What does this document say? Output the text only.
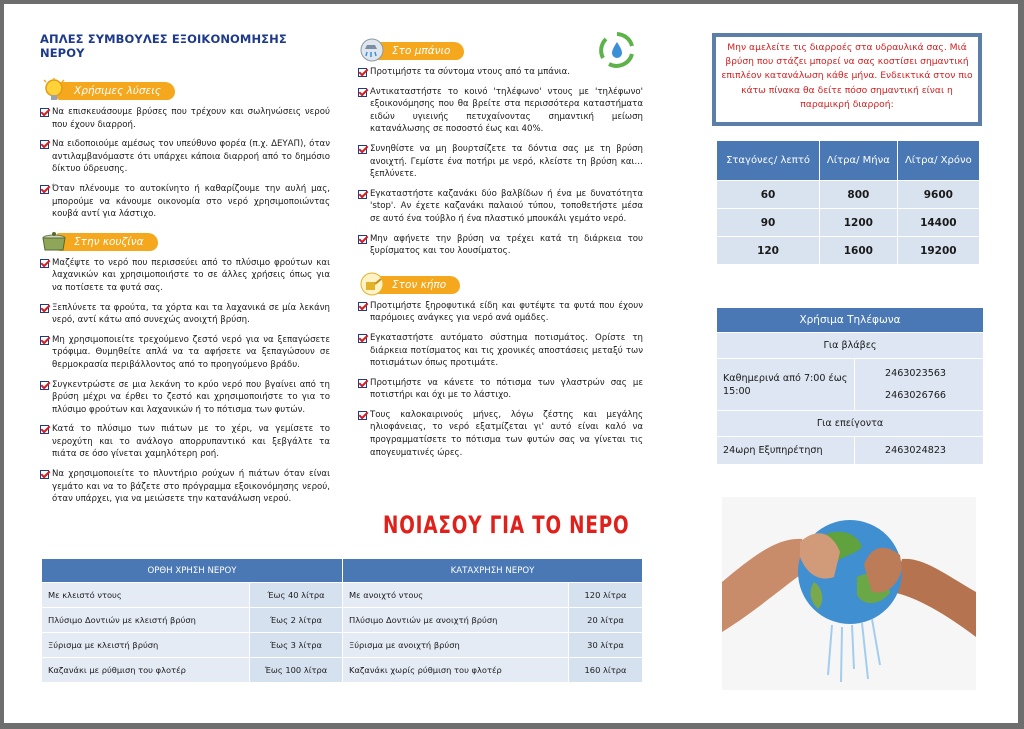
ΑΠΛΕΣ ΣΥΜΒΟΥΛΕΣ ΕΞΟΙΚΟΝΟΜΗΣΗΣ ΝΕΡΟΥ
Χρήσιμες λύσεις
Να επισκευάσουμε βρύσες που τρέχουν και σωληνώσεις νερού που έχουν διαρροή.
Να ειδοποιούμε αμέσως τον υπεύθυνο φορέα (π.χ. ΔΕΥΑΠ), όταν αντιλαμβανόμαστε ότι υπάρχει κάποια διαρροή από το δημόσιο δίκτυο ύδρευσης.
Όταν πλένουμε το αυτοκίνητο ή καθαρίζουμε την αυλή μας, μπορούμε να κάνουμε οικονομία στο νερό χρησιμοποιώντας κουβά αντί για λάστιχο.
Στην κουζίνα
Μαζέψτε το νερό που περισσεύει από το πλύσιμο φρούτων και λαχανικών και χρησιμοποιήστε το σε άλλες χρήσεις όπως για να ποτίσετε τα φυτά σας.
Ξεπλύνετε τα φρούτα, τα χόρτα και τα λαχανικά σε μία λεκάνη νερό, αντί κάτω από συνεχώς ανοιχτή βρύση.
Μη χρησιμοποιείτε τρεχούμενο ζεστό νερό για να ξεπαγώσετε τρόφιμα. Θυμηθείτε απλά να τα αφήσετε να ξεπαγώσουν σε θερμοκρασία περιβάλλοντος από το προηγούμενο βράδυ.
Συγκεντρώστε σε μια λεκάνη το κρύο νερό που βγαίνει από τη βρύση μέχρι να έρθει το ζεστό και χρησιμοποιήστε το για το πλύσιμο φρούτων και λαχανικών ή το πότισμα των φυτών.
Κατά το πλύσιμο των πιάτων με το χέρι, να γεμίσετε το νεροχύτη και το ανάλογο απορρυπαντικό και ξεβγάλτε τα πιάτα σε όσο γίνεται χαμηλότερη ροή.
Να χρησιμοποιείτε το πλυντήριο ρούχων ή πιάτων όταν είναι γεμάτο και να το βάζετε στο πρόγραμμα εξοικονόμησης νερού, όταν υπάρχει, για να μειώσετε την κατανάλωση νερού.
Στο μπάνιο
Προτιμήστε τα σύντομα ντους από τα μπάνια.
Αντικαταστήστε το κοινό 'τηλέφωνο' ντους με 'τηλέφωνο' εξοικονόμησης που θα βρείτε στα περισσότερα καταστήματα ειδών υγιεινής πετυχαίνοντας σημαντική μείωση κατανάλωσης σε ποσοστό έως και 40%.
Συνηθίστε να μη βουρτσίζετε τα δόντια σας με τη βρύση ανοιχτή. Γεμίστε ένα ποτήρι με νερό, κλείστε τη βρύση και… ξεπλύνετε.
Εγκαταστήστε καζανάκι δύο βαλβίδων ή ένα με δυνατότητα 'stop'. Αν έχετε καζανάκι παλαιού τύπου, τοποθετήστε μέσα σε αυτό ένα τούβλο ή ένα πλαστικό μπουκάλι γεμάτο νερό.
Μην αφήνετε την βρύση να τρέχει κατά τη διάρκεια του ξυρίσματος και του λουσίματος.
Στον κήπο
Προτιμήστε ξηροφυτικά είδη και φυτέψτε τα φυτά που έχουν παρόμοιες ανάγκες για νερό ανά ομάδες.
Εγκαταστήστε αυτόματο σύστημα ποτισμάτος. Ορίστε τη διάρκεια ποτίσματος και τις χρονικές αποστάσεις μεταξύ των ποτισμάτων όπως προτιμάτε.
Προτιμήστε να κάνετε το πότισμα των γλαστρών σας με ποτιστήρι και όχι με το λάστιχο.
Τους καλοκαιρινούς μήνες, λόγω ζέστης και μεγάλης ηλιοφάνειας, το νερό εξατμίζεται γι' αυτό είναι καλό να προγραμματίσετε το πότισμα των φυτών σας να γίνεται τις απογευματινές ώρες.
ΝΟΙΑΣΟΥ ΓΙΑ ΤΟ ΝΕΡΟ
ΟΡΘΗ ΧΡΗΣΗ ΝΕΡΟΥ		ΚΑΤΑΧΡΗΣΗ ΝΕΡΟΥ	
Με κλειστό ντους	Έως 40 λίτρα	Με ανοιχτό ντους	120 λίτρα
Πλύσιμο Δοντιών με κλειστή βρύση	Έως 2 λίτρα	Πλύσιμο Δοντιών με ανοιχτή βρύση	20 λίτρα
Ξύρισμα με κλειστή βρύση	Έως 3 λίτρα	Ξύρισμα με ανοιχτή βρύση	30 λίτρα
Καζανάκι με ρύθμιση του φλοτέρ	Έως 100 λίτρα	Καζανάκι χωρίς ρύθμιση του φλοτέρ	160 λίτρα
Μην αμελείτε τις διαρροές στα υδραυλικά σας. Μιά βρύση που στάζει μπορεί να σας κοστίσει σημαντική επιπλέον κατανάλωση κάθε μήνα. Ενδεικτικά στον πιο κάτω πίνακα θα δείτε πόσο σημαντική είναι η παραμικρή διαρροή:
Σταγόνες/ λεπτό	Λίτρα/ Μήνα	Λίτρα/ Χρόνο
60	800	9600
90	1200	14400
120	1600	19200
Χρήσιμα Τηλέφωνα	
Για βλάβες	
Καθημερινά από 7:00 έως 15:00	2463023563
2463026766

Για επείγοντα	
24ωρη Εξυπηρέτηση	2463024823
